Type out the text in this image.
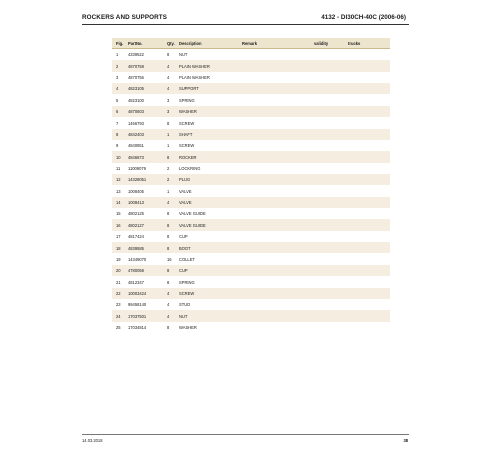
ROCKERS AND SUPPORTS	4132 - DI30CH-40C (2006-06)
Fig. PartNo.	Qty. Description	Remark	validity	trucks
1 4339522	8 NUT
2 4870758	4 PLAIN WASHER
3 4870756	4 PLAIN WASHER
4 4823105	4 SUPPORT
5 4823100	3 SPRING
6 4870603	3 WASHER
7 1466793	8 SCREW
8 4842403	1 SHAFT
9 4840851	1 SCREW
10 4846873	8 ROCKER
11 11009079	2 LOCKRING
12 14328051	2 PLUG
13 1008405	1 VALVE
14 1008413	4 VALVE
15 4802125	8 VALVE GUIDE
16 4802127	8 VALVE GUIDE
17 4817424	8 CUP
18 4839585	8 BOOT
19 14349070	16 COLLET
20 4780058	8 CUP
21 4812347	8 SPRING
22 10003424	4 SCREW
23 99458140	4 STUD
24 17037501	4 NUT
25 17034814	8 WASHER
14.03.2018	38
